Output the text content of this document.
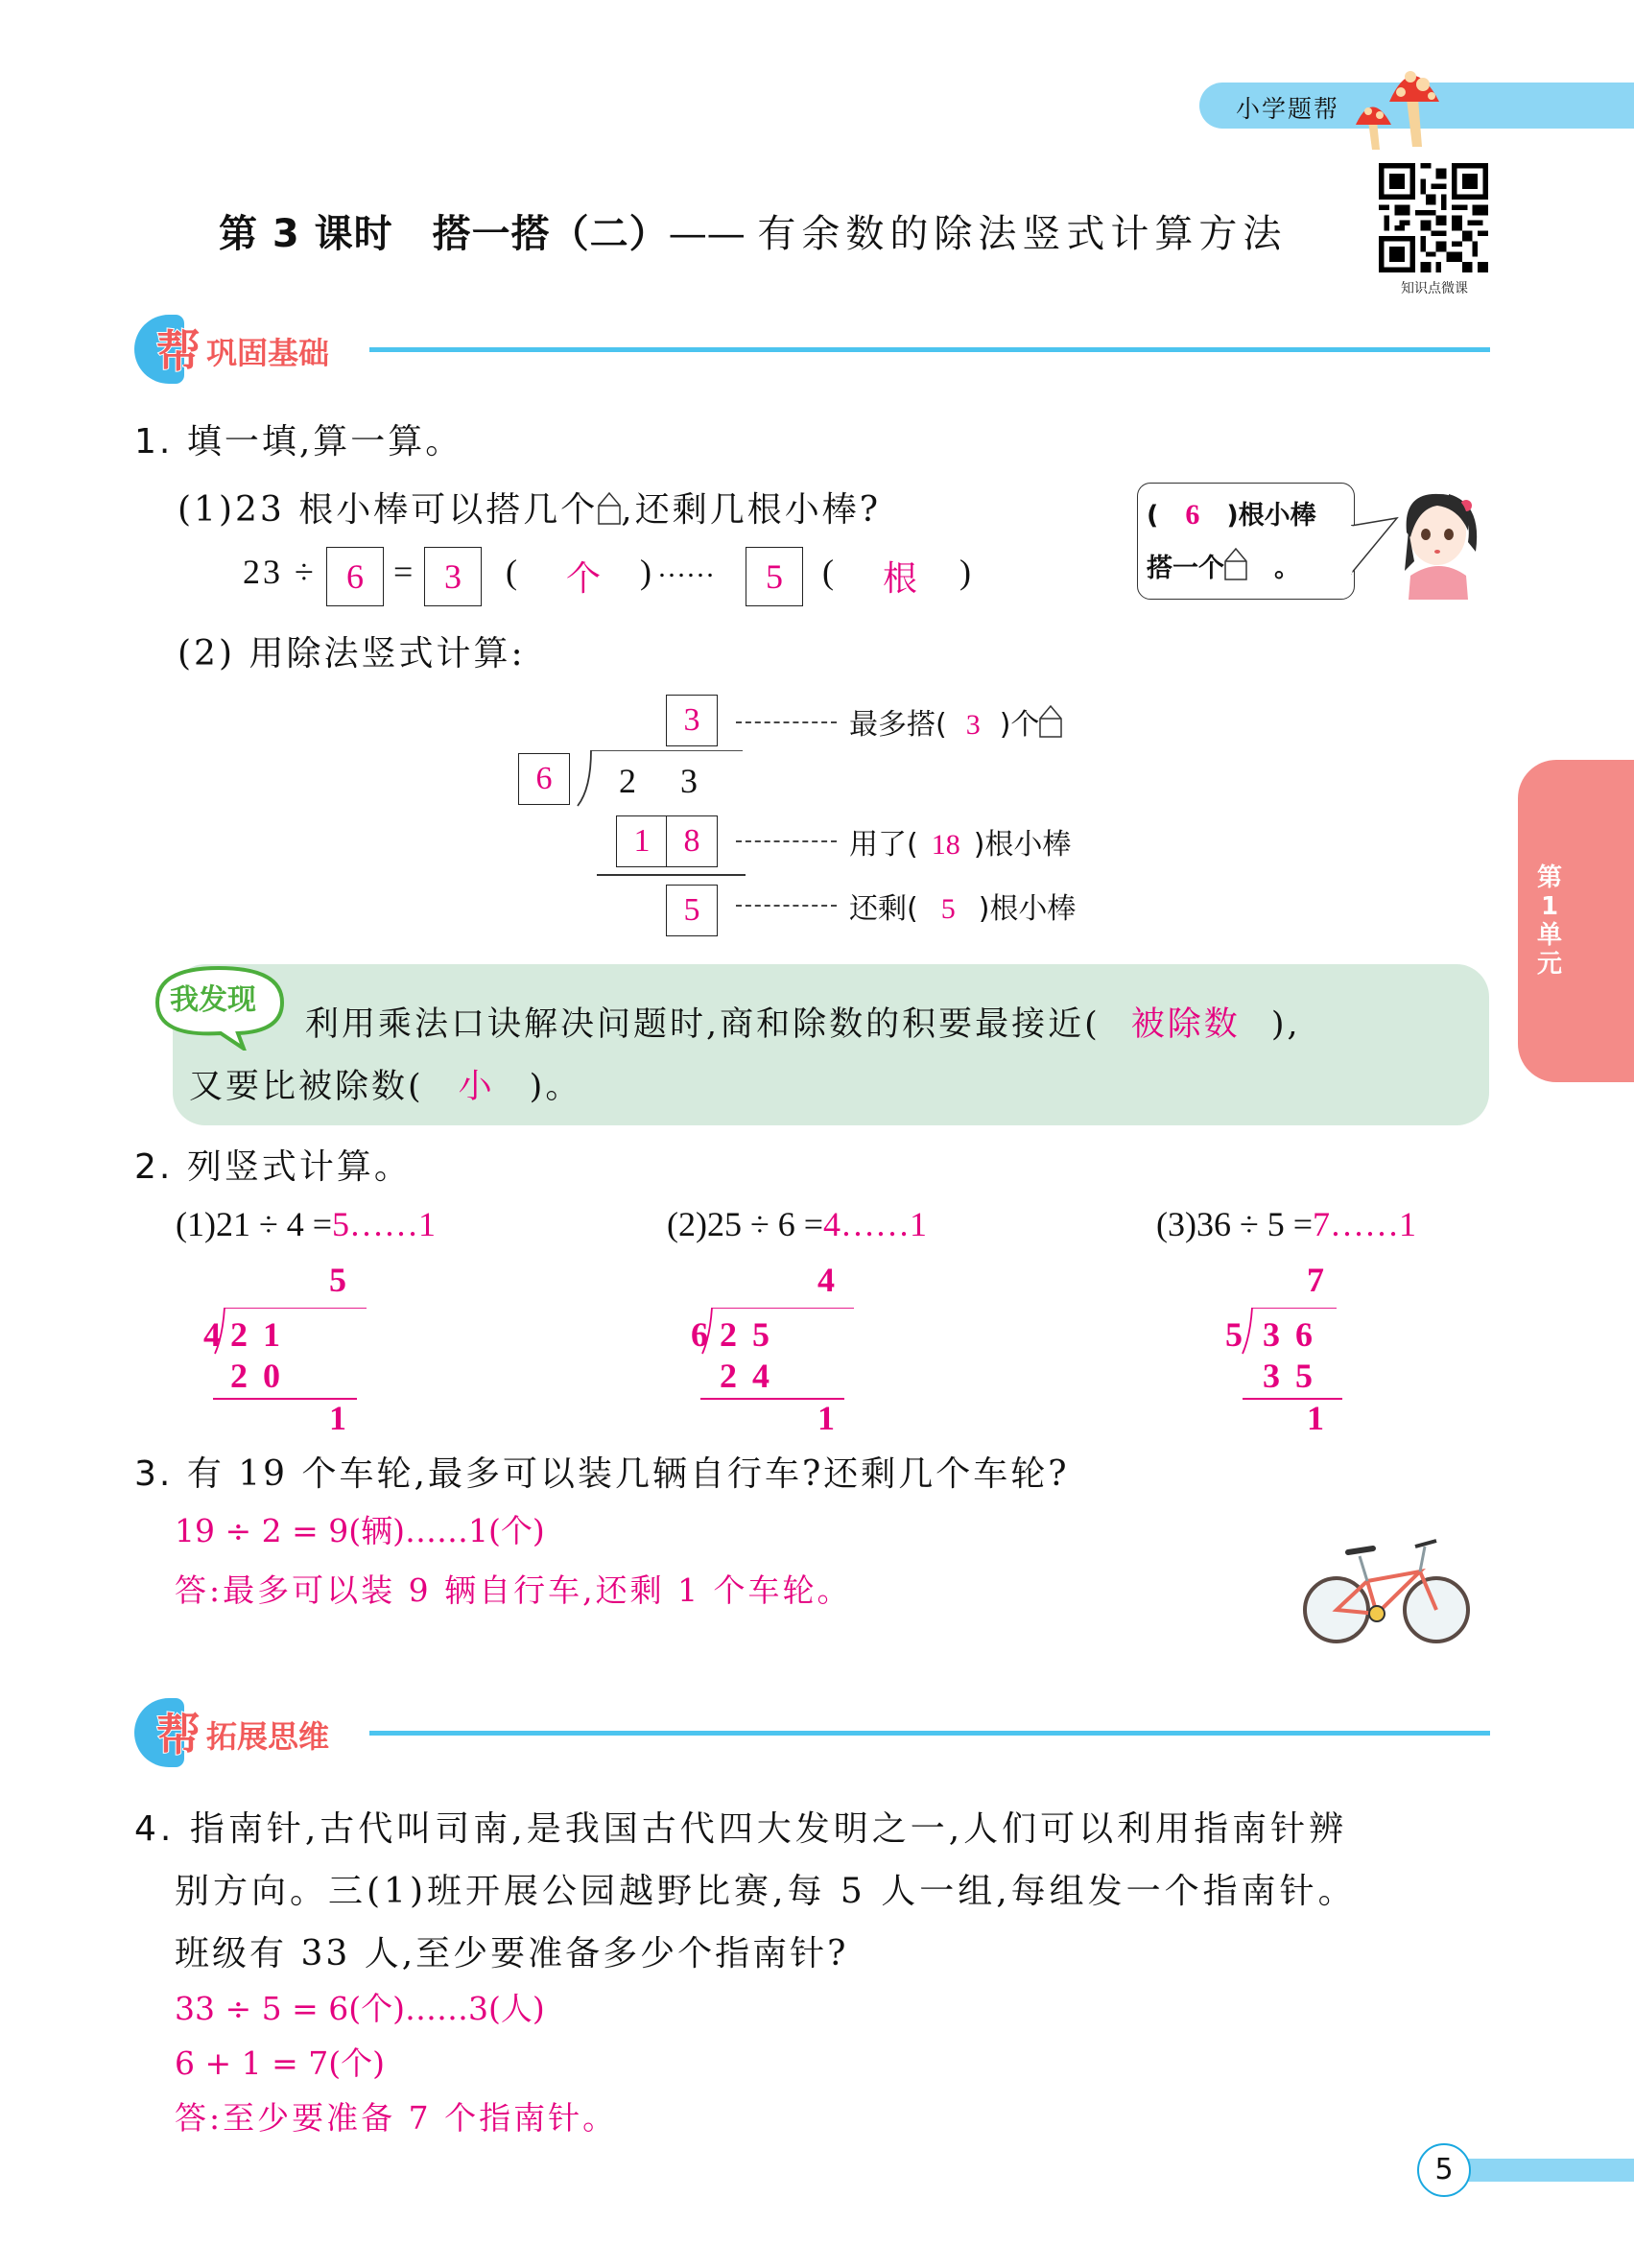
小学题帮
知识点微课
第 3 课时　搭一搭（二）—— 有余数的除法竖式计算方法
帮 巩固基础
1. 填一填,算一算。
(1)23 根小棒可以搭几个 ,还剩几根小棒?
23 ÷ 6 = 3	( 个 ) ……	5	( 根 )
( 6 )根小棒
搭一个 。
(2) 用除法竖式计算:
3
6	2 3
1	8
5
最多搭( 3 )个
用了( 18 )根小棒
还剩( 5 )根小棒
我发现
利用乘法口诀解决问题时,商和除数的积要最接近( 被除数 ),
又要比被除数( 小 )。
2. 列竖式计算。
(1)21 ÷ 4 =5……1
5
4 21
20
1
(2)25 ÷ 6 =4……1
4
6 25
24
1
(3)36 ÷ 5 =7……1
7
5 36
35
1
3. 有 19 个车轮,最多可以装几辆自行车?还剩几个车轮?
19 ÷ 2 = 9(辆)……1(个)
答:最多可以装 9 辆自行车,还剩 1 个车轮。
帮 拓展思维
4. 指南针,古代叫司南,是我国古代四大发明之一,人们可以利用指南针辨
别方向。三(1)班开展公园越野比赛,每 5 人一组,每组发一个指南针。
班级有 33 人,至少要准备多少个指南针?
33 ÷ 5 = 6(个)……3(人)
6 + 1 = 7(个)
答:至少要准备 7 个指南针。
第
1
单
元
5
